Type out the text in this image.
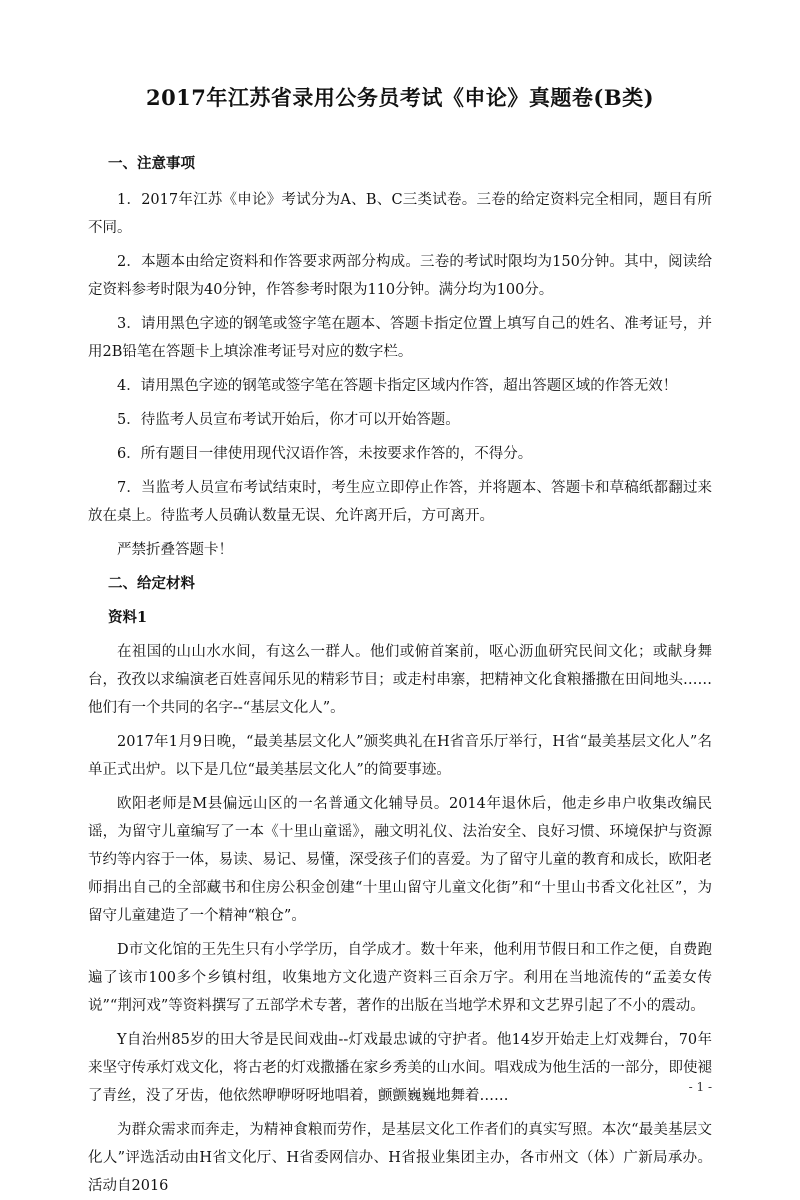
2017年江苏省录用公务员考试《申论》真题卷(B类)
一、注意事项

1．2017年江苏《申论》考试分为A、B、C三类试卷。三卷的给定资料完全相同，题目有所不同。

2．本题本由给定资料和作答要求两部分构成。三卷的考试时限均为150分钟。其中，阅读给定资料参考时限为40分钟，作答参考时限为110分钟。满分均为100分。

3．请用黑色字迹的钢笔或签字笔在题本、答题卡指定位置上填写自己的姓名、准考证号，并用2B铅笔在答题卡上填涂准考证号对应的数字栏。

4．请用黑色字迹的钢笔或签字笔在答题卡指定区域内作答，超出答题区域的作答无效！

5．待监考人员宣布考试开始后，你才可以开始答题。

6．所有题目一律使用现代汉语作答，未按要求作答的，不得分。

7．当监考人员宣布考试结束时，考生应立即停止作答，并将题本、答题卡和草稿纸都翻过来放在桌上。待监考人员确认数量无误、允许离开后，方可离开。

严禁折叠答题卡！

二、给定材料
资料1

在祖国的山山水水间，有这么一群人。他们或俯首案前，呕心沥血研究民间文化；或献身舞台，孜孜以求编演老百姓喜闻乐见的精彩节目；或走村串寨，把精神文化食粮播撒在田间地头……他们有一个共同的名字--“基层文化人”。

2017年1月9日晚，“最美基层文化人”颁奖典礼在H省音乐厅举行，H省“最美基层文化人”名单正式出炉。以下是几位“最美基层文化人”的简要事迹。

欧阳老师是M县偏远山区的一名普通文化辅导员。2014年退休后，他走乡串户收集改编民谣，为留守儿童编写了一本《十里山童谣》，融文明礼仪、法治安全、良好习惯、环境保护与资源节约等内容于一体，易读、易记、易懂，深受孩子们的喜爱。为了留守儿童的教育和成长，欧阳老师捐出自己的全部藏书和住房公积金创建“十里山留守儿童文化街”和“十里山书香文化社区”，为留守儿童建造了一个精神“粮仓”。

D市文化馆的王先生只有小学学历，自学成才。数十年来，他利用节假日和工作之便，自费跑遍了该市100多个乡镇村组，收集地方文化遗产资料三百余万字。利用在当地流传的“孟姜女传说”“荆河戏”等资料撰写了五部学术专著，著作的出版在当地学术界和文艺界引起了不小的震动。

Y自治州85岁的田大爷是民间戏曲--灯戏最忠诚的守护者。他14岁开始走上灯戏舞台，70年来坚守传承灯戏文化，将古老的灯戏撒播在家乡秀美的山水间。唱戏成为他生活的一部分，即使褪了青丝，没了牙齿，他依然咿咿呀呀地唱着，颤颤巍巍地舞着……

为群众需求而奔走，为精神食粮而劳作，是基层文化工作者们的真实写照。本次“最美基层文化人”评选活动由H省文化厅、H省委网信办、H省报业集团主办，各市州文（体）广新局承办。活动自2016

- 1 -
